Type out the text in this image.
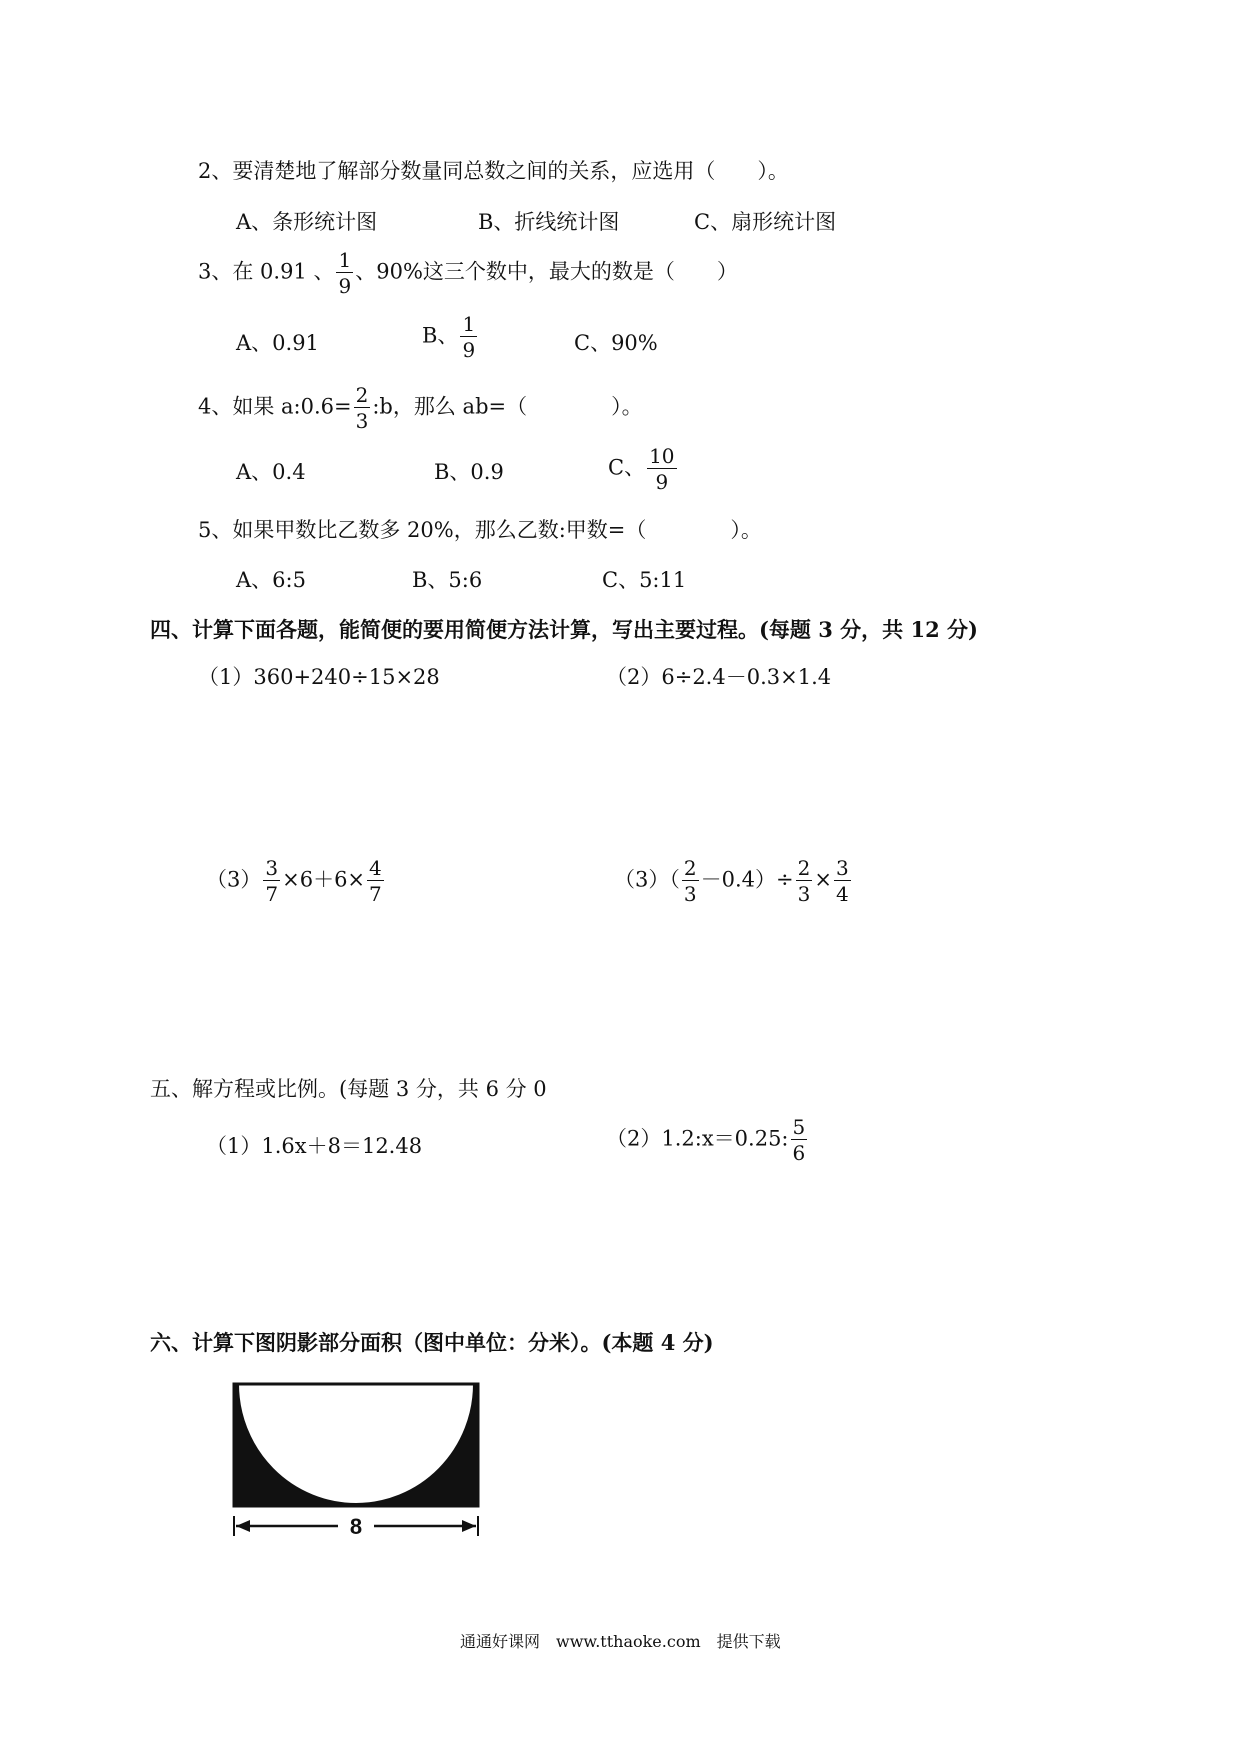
2、要清楚地了解部分数量同总数之间的关系，应选用（　　）。
A、条形统计图	B、折线统计图	C、扇形统计图
3、在 0.91 、 $\frac{1}{9}$ 、90%这三个数中，最大的数是（　　）
A、0.91	B、 $\frac{1}{9}$	C、90%
4、如果 a:0.6= $\frac{2}{3}$ :b，那么 ab=（　　　　）。
A、0.4	B、0.9	C、 $\frac{10}{9}$
5、如果甲数比乙数多 20%，那么乙数:甲数=（　　　　）。
A、6:5	B、5:6	C、5:11
四、计算下面各题，能简便的要用简便方法计算，写出主要过程。(每题 3 分，共 12 分)
（1）360+240÷15×28	（2）6÷2.4－0.3×1.4
$(3) \frac{3}{7} \times 6+6\times \frac{4}{7}$	$(3)( \frac{2}{3} -0.4)\div \frac{2}{3} \times \frac{3}{4}$
五、解方程或比例。(每题 3 分，共 6 分 0
（1）1.6x＋8＝12.48	（2）1.2:x＝0.25: $\frac{5}{6}$
六、计算下图阴影部分面积（图中单位：分米）。(本题 4 分)
8
通通好课网　www.tthaoke.com　提供下载
